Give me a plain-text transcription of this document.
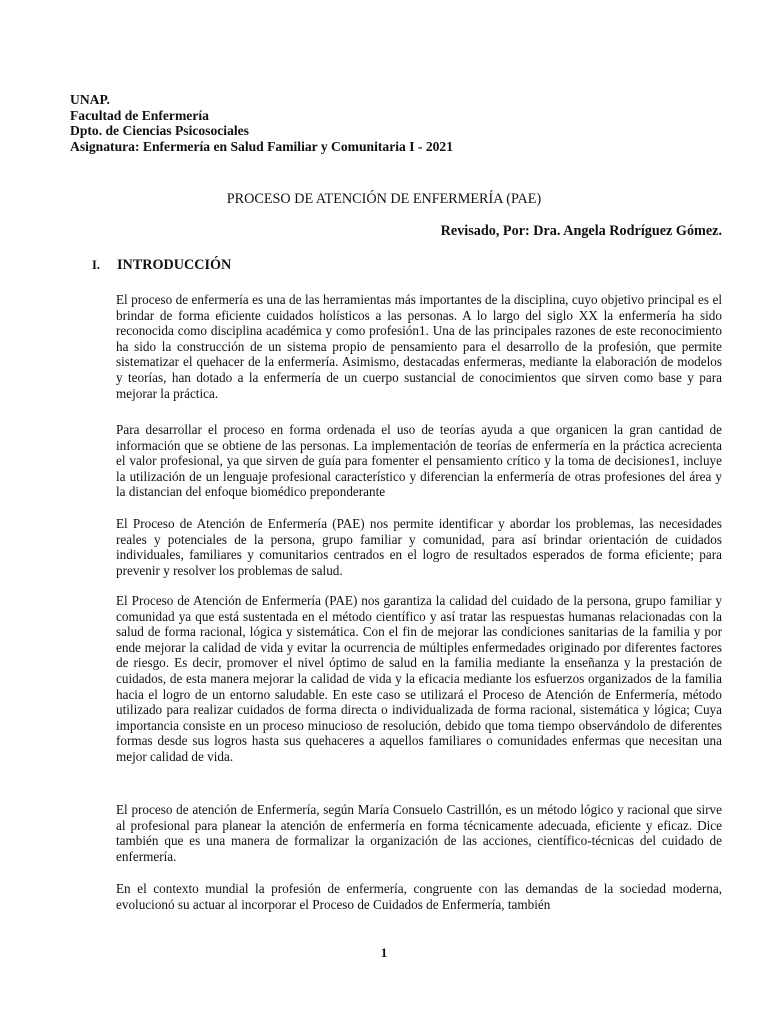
UNAP.
Facultad de Enfermería
Dpto. de Ciencias Psicosociales
Asignatura: Enfermería en Salud Familiar y Comunitaria I - 2021
PROCESO DE ATENCIÓN DE ENFERMERÍA (PAE)
Revisado, Por: Dra. Angela Rodríguez Gómez.
I. INTRODUCCIÓN

El proceso de enfermería es una de las herramientas más importantes de la disciplina, cuyo objetivo principal es el brindar de forma eficiente cuidados holísticos a las personas. A lo largo del siglo XX la enfermería ha sido reconocida como disciplina académica y como profesión1. Una de las principales razones de este reconocimiento ha sido la construcción de un sistema propio de pensamiento para el desarrollo de la profesión, que permite sistematizar el quehacer de la enfermería. Asimismo, destacadas enfermeras, mediante la elaboración de modelos y teorías, han dotado a la enfermería de un cuerpo sustancial de conocimientos que sirven como base y para mejorar la práctica.

Para desarrollar el proceso en forma ordenada el uso de teorías ayuda a que organicen la gran cantidad de información que se obtiene de las personas. La implementación de teorías de enfermería en la práctica acrecienta el valor profesional, ya que sirven de guía para fomenter el pensamiento crítico y la toma de decisiones1, incluye la utilización de un lenguaje profesional característico y diferencian la enfermería de otras profesiones del área y la distancian del enfoque biomédico preponderante

El Proceso de Atención de Enfermería (PAE) nos permite identificar y abordar los problemas, las necesidades reales y potenciales de la persona, grupo familiar y comunidad, para así brindar orientación de cuidados individuales, familiares y comunitarios centrados en el logro de resultados esperados de forma eficiente; para prevenir y resolver los problemas de salud.

El Proceso de Atención de Enfermería (PAE) nos garantiza la calidad del cuidado de la persona, grupo familiar y comunidad ya que está sustentada en el método científico y así tratar las respuestas humanas relacionadas con la salud de forma racional, lógica y sistemática. Con el fin de mejorar las condiciones sanitarias de la familia y por ende mejorar la calidad de vida y evitar la ocurrencia de múltiples enfermedades originado por diferentes factores de riesgo. Es decir, promover el nivel óptimo de salud en la familia mediante la enseñanza y la prestación de cuidados, de esta manera mejorar la calidad de vida y la eficacia mediante los esfuerzos organizados de la familia hacia el logro de un entorno saludable. En este caso se utilizará el Proceso de Atención de Enfermería, método utilizado para realizar cuidados de forma directa o individualizada de forma racional, sistemática y lógica; Cuya importancia consiste en un proceso minucioso de resolución, debido que toma tiempo observándolo de diferentes formas desde sus logros hasta sus quehaceres a aquellos familiares o comunidades enfermas que necesitan una mejor calidad de vida.

El proceso de atención de Enfermería, según María Consuelo Castrillón, es un método lógico y racional que sirve al profesional para planear la atención de enfermería en forma técnicamente adecuada, eficiente y eficaz. Dice también que es una manera de formalizar la organización de las acciones, científico-técnicas del cuidado de enfermería.

En el contexto mundial la profesión de enfermería, congruente con las demandas de la sociedad moderna, evolucionó su actuar al incorporar el Proceso de Cuidados de Enfermería, también

1
